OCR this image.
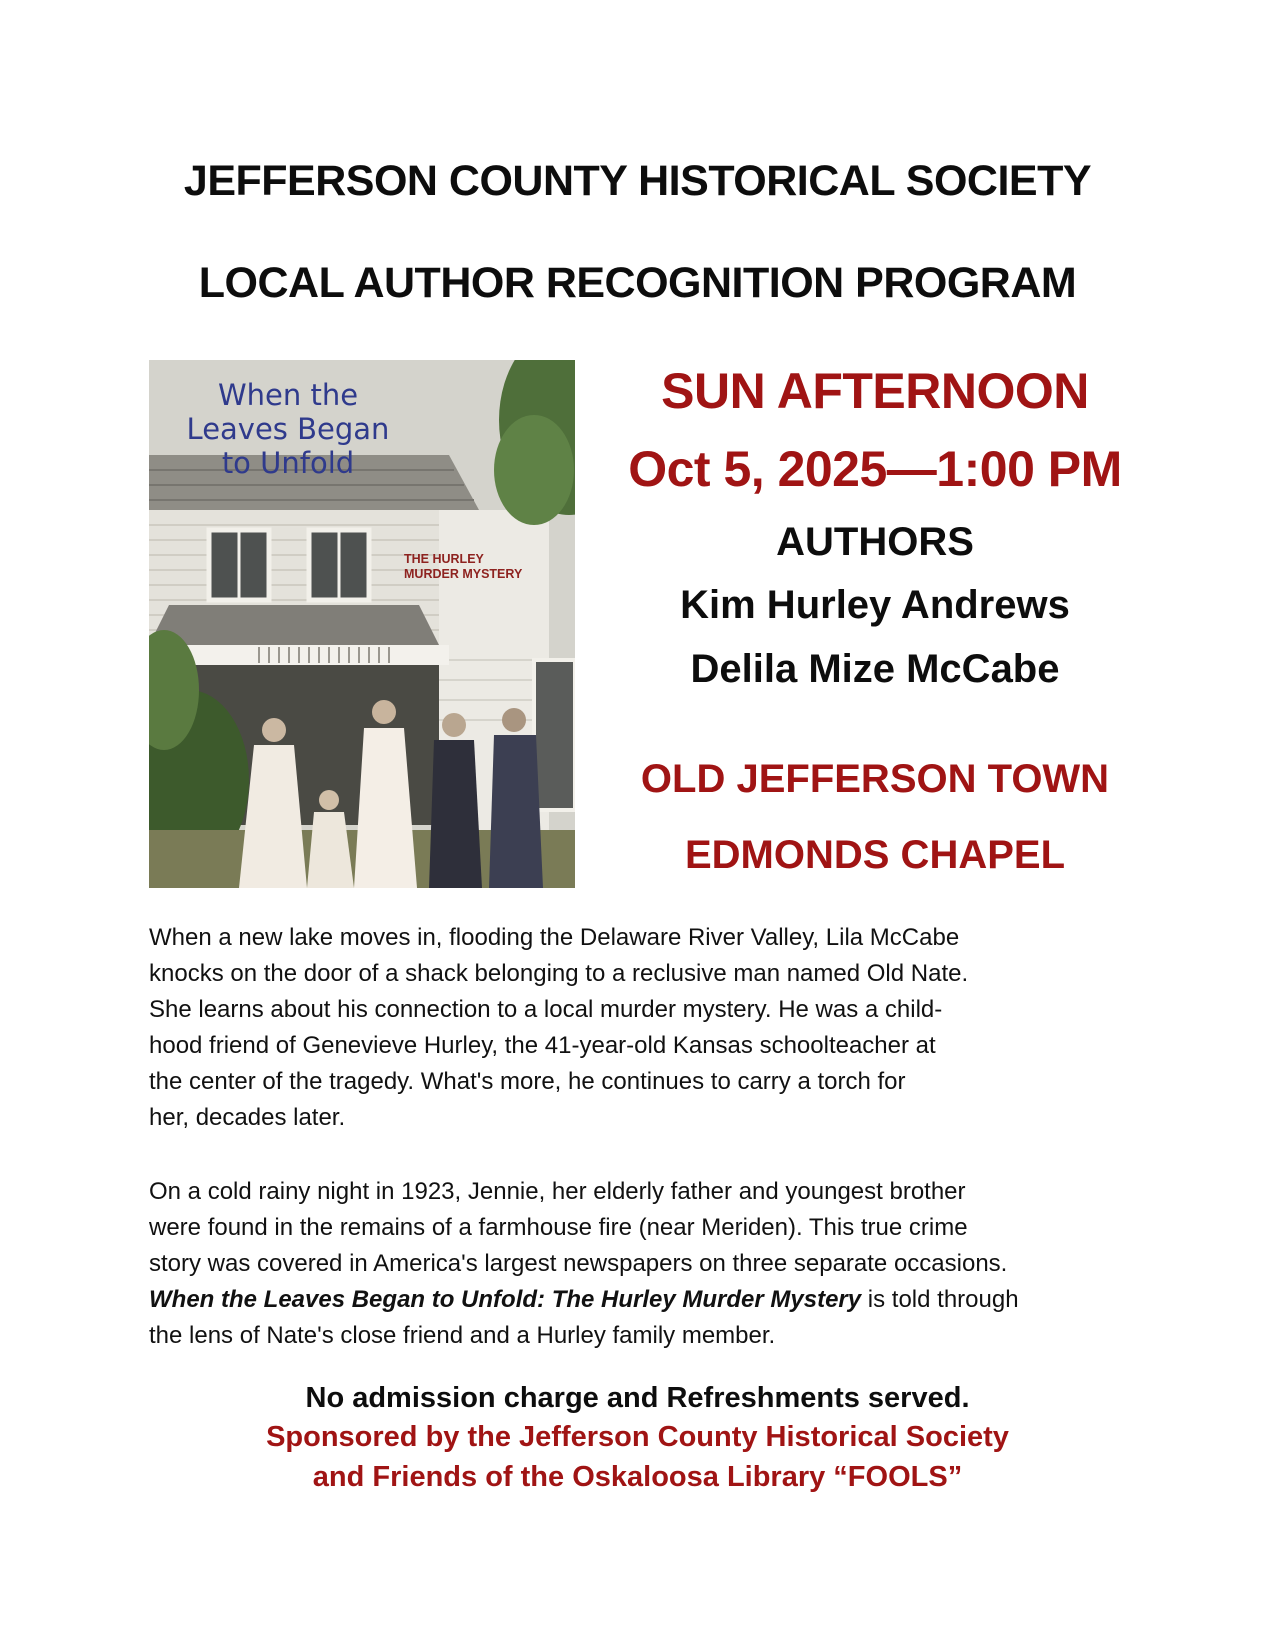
JEFFERSON COUNTY HISTORICAL SOCIETY
LOCAL AUTHOR RECOGNITION PROGRAM
When the
Leaves Began
to Unfold
THE HURLEY
MURDER MYSTERY
SUN AFTERNOON
Oct 5, 2025—1:00 PM
AUTHORS
Kim Hurley Andrews
Delila Mize McCabe
OLD JEFFERSON TOWN
EDMONDS CHAPEL
When a new lake moves in, flooding the Delaware River Valley, Lila McCabe
knocks on the door of a shack belonging to a reclusive man named Old Nate.
She learns about his connection to a local murder mystery. He was a child-
hood friend of Genevieve Hurley, the 41-year-old Kansas schoolteacher at
the center of the tragedy. What's more, he continues to carry a torch for
her, decades later.
On a cold rainy night in 1923, Jennie, her elderly father and youngest brother
were found in the remains of a farmhouse fire (near Meriden). This true crime
story was covered in America's largest newspapers on three separate occasions.
When the Leaves Began to Unfold: The Hurley Murder Mystery is told through
the lens of Nate's close friend and a Hurley family member.
No admission charge and Refreshments served.
Sponsored by the Jefferson County Historical Society
and Friends of the Oskaloosa Library “FOOLS”
